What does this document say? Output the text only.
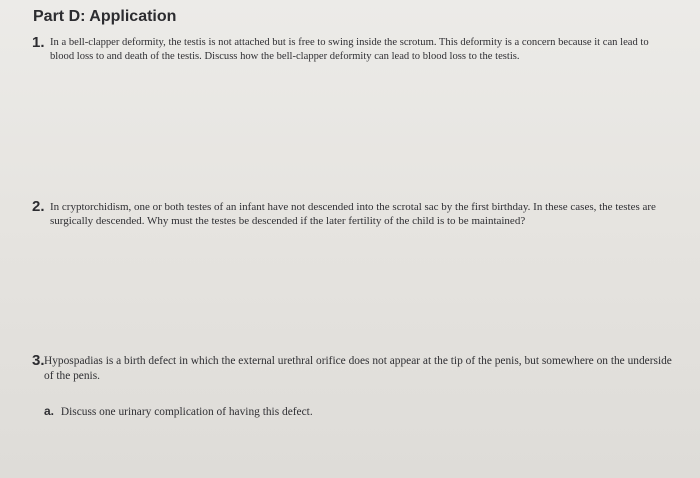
Part D: Application
1. In a bell-clapper deformity, the testis is not attached but is free to swing inside the scrotum. This deformity is a concern because it can lead to blood loss to and death of the testis. Discuss how the bell-clapper deformity can lead to blood loss to the testis.
2. In cryptorchidism, one or both testes of an infant have not descended into the scrotal sac by the first birthday. In these cases, the testes are surgically descended. Why must the testes be descended if the later fertility of the child is to be maintained?
3. Hypospadias is a birth defect in which the external urethral orifice does not appear at the tip of the penis, but somewhere on the underside of the penis.
a. Discuss one urinary complication of having this defect.
